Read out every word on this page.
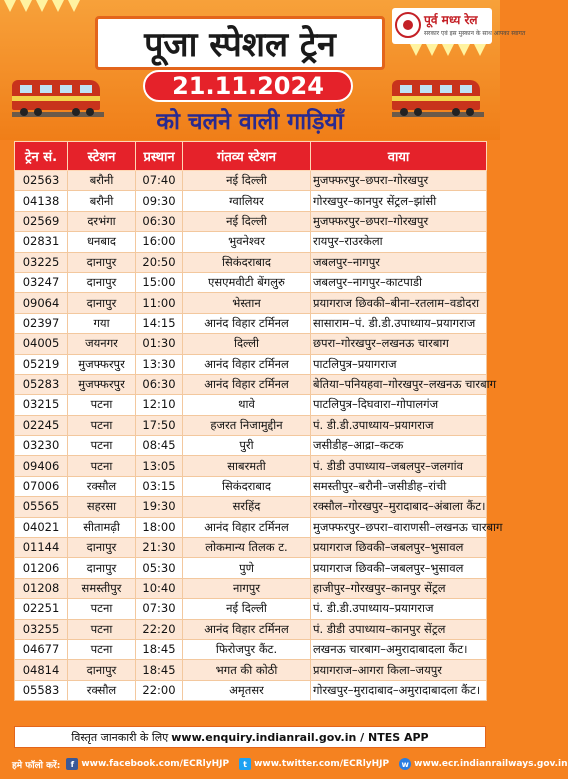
पूजा स्पेशल ट्रेन
21.11.2024
को चलने वाली गाड़ियाँ
पूर्व मध्य रेल
सरकार एवं इस मुस्कान के साथ आपका स्वागत
ट्रेन सं.	स्टेशन	प्रस्थान	गंतव्य स्टेशन	वाया
02563	बरौनी	07:40	नई दिल्ली	मुजफ्फरपुर–छपरा–गोरखपुर
04138	बरौनी	09:30	ग्वालियर	गोरखपुर–कानपुर सेंट्रल–झांसी
02569	दरभंगा	06:30	नई दिल्ली	मुजफ्फरपुर–छपरा–गोरखपुर
02831	धनबाद	16:00	भुवनेश्वर	रायपुर–राउरकेला
03225	दानापुर	20:50	सिकंदराबाद	जबलपुर–नागपुर
03247	दानापुर	15:00	एसएमवीटी बेंगलुरु	जबलपुर–नागपुर–काटपाडी
09064	दानापुर	11:00	भेस्तान	प्रयागराज छिवकी–बीना–रतलाम–वडोदरा
02397	गया	14:15	आनंद विहार टर्मिनल	सासाराम–पं. डी.डी.उपाध्याय–प्रयागराज
04005	जयनगर	01:30	दिल्ली	छपरा–गोरखपुर–लखनऊ चारबाग
05219	मुजफ्फरपुर	13:30	आनंद विहार टर्मिनल	पाटलिपुत्र–प्रयागराज
05283	मुजफ्फरपुर	06:30	आनंद विहार टर्मिनल	बेतिया–पनियहवा–गोरखपुर–लखनऊ चारबाग
03215	पटना	12:10	थावे	पाटलिपुत्र–दिघवारा–गोपालगंज
02245	पटना	17:50	हजरत निजामुद्दीन	पं. डी.डी.उपाध्याय–प्रयागराज
03230	पटना	08:45	पुरी	जसीडीह–आद्रा–कटक
09406	पटना	13:05	साबरमती	पं. डीडी उपाध्याय–जबलपुर–जलगांव
07006	रक्सौल	03:15	सिकंदराबाद	समस्तीपुर–बरौनी–जसीडीह–रांची
05565	सहरसा	19:30	सरहिंद	रक्सौल–गोरखपुर–मुरादाबाद–अंबाला कैंट।
04021	सीतामढ़ी	18:00	आनंद विहार टर्मिनल	मुजफ्फरपुर–छपरा–वाराणसी–लखनऊ चारबाग
01144	दानापुर	21:30	लोकमान्य तिलक ट.	प्रयागराज छिवकी–जबलपुर–भुसावल
01206	दानापुर	05:30	पुणे	प्रयागराज छिवकी–जबलपुर–भुसावल
01208	समस्तीपुर	10:40	नागपुर	हाजीपुर–गोरखपुर–कानपुर सेंट्रल
02251	पटना	07:30	नई दिल्ली	पं. डी.डी.उपाध्याय–प्रयागराज
03255	पटना	22:20	आनंद विहार टर्मिनल	पं. डीडी उपाध्याय–कानपुर सेंट्रल
04677	पटना	18:45	फिरोजपुर कैंट.	लखनऊ चारबाग–अमुरादाबादला कैंट।
04814	दानापुर	18:45	भगत की कोठी	प्रयागराज–आगरा किला–जयपुर
05583	रक्सौल	22:00	अमृतसर	गोरखपुर–मुरादाबाद–अमुरादाबादला कैंट।
विस्तृत जानकारी के लिए www.enquiry.indianrail.gov.in / NTES APP
हमे फॉलो करें:	f www.facebook.com/ECRlyHJP	t www.twitter.com/ECRlyHJP w www.ecr.indianrailways.gov.in
